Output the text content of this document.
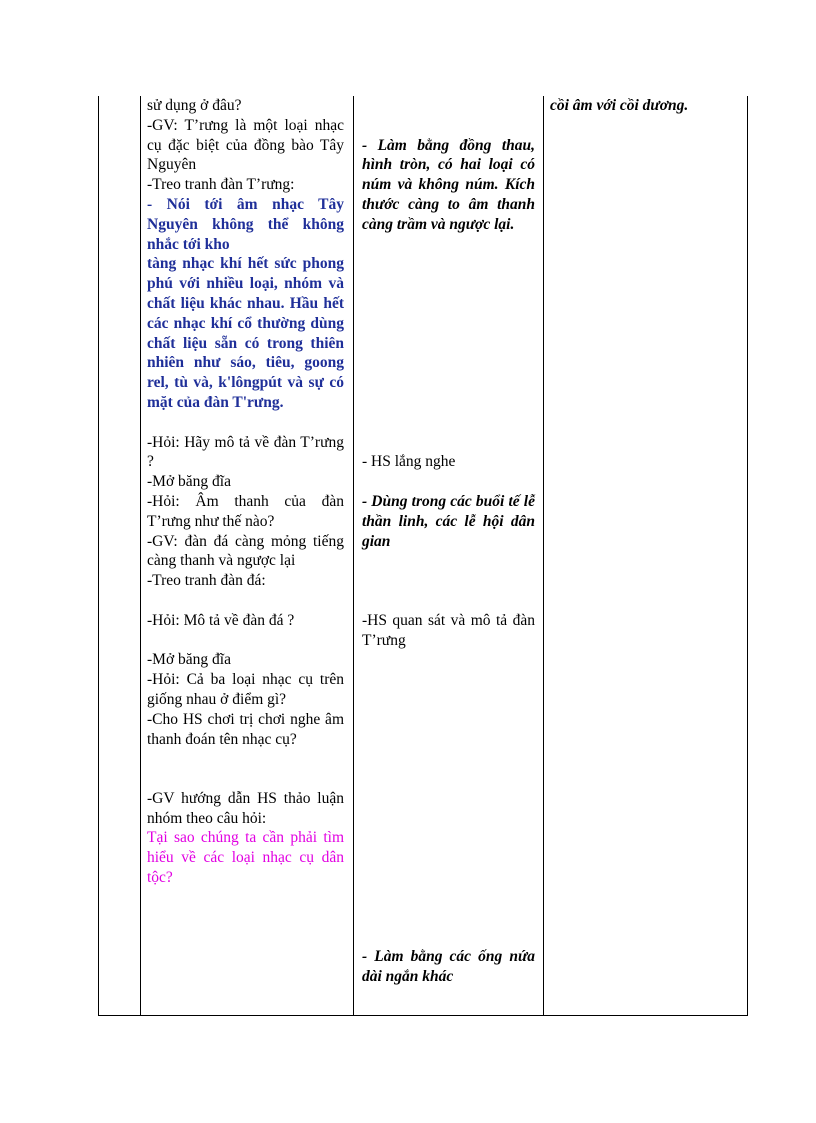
sử dụng ở đâu?

-GV: T’rưng là một loại nhạc cụ đặc biệt của đồng bào Tây Nguyên

-Treo tranh đàn T’rưng:

- Nói tới âm nhạc Tây Nguyên không thể không nhắc tới kho

tàng nhạc khí hết sức phong phú với nhiều loại, nhóm và chất liệu khác nhau. Hầu hết các nhạc khí cổ thường dùng chất liệu sẵn có trong thiên nhiên như sáo, tiêu, goong rel, tù và, k'lôngpút và sự có mặt của đàn T'rưng.

-Hỏi: Hãy mô tả về đàn T’rưng ?

-Mở băng đĩa

-Hỏi: Âm thanh của đàn T’rưng như thế nào?

-GV: đàn đá càng mỏng tiếng càng thanh và ngược lại

-Treo tranh đàn đá:

-Hỏi: Mô tả về đàn đá ?

-Mở băng đĩa

-Hỏi: Cả ba loại nhạc cụ trên giống nhau ở điểm gì?

-Cho HS chơi trị chơi nghe âm thanh đoán tên nhạc cụ?

-GV hướng dẫn HS thảo luận nhóm theo câu hỏi:

Tại sao chúng ta cần phải tìm hiểu về các loại nhạc cụ dân tộc?

- Làm bằng đồng thau, hình tròn, có hai loại có núm và không núm. Kích thước càng to âm thanh càng trầm và ngược lại.

- HS lắng nghe

- Dùng trong các buổi tế lễ thần linh, các lễ hội dân gian

-HS quan sát và mô tả đàn T’rưng

- Làm bằng các ống nứa dài ngắn khác

cồi âm với cồi dương.
